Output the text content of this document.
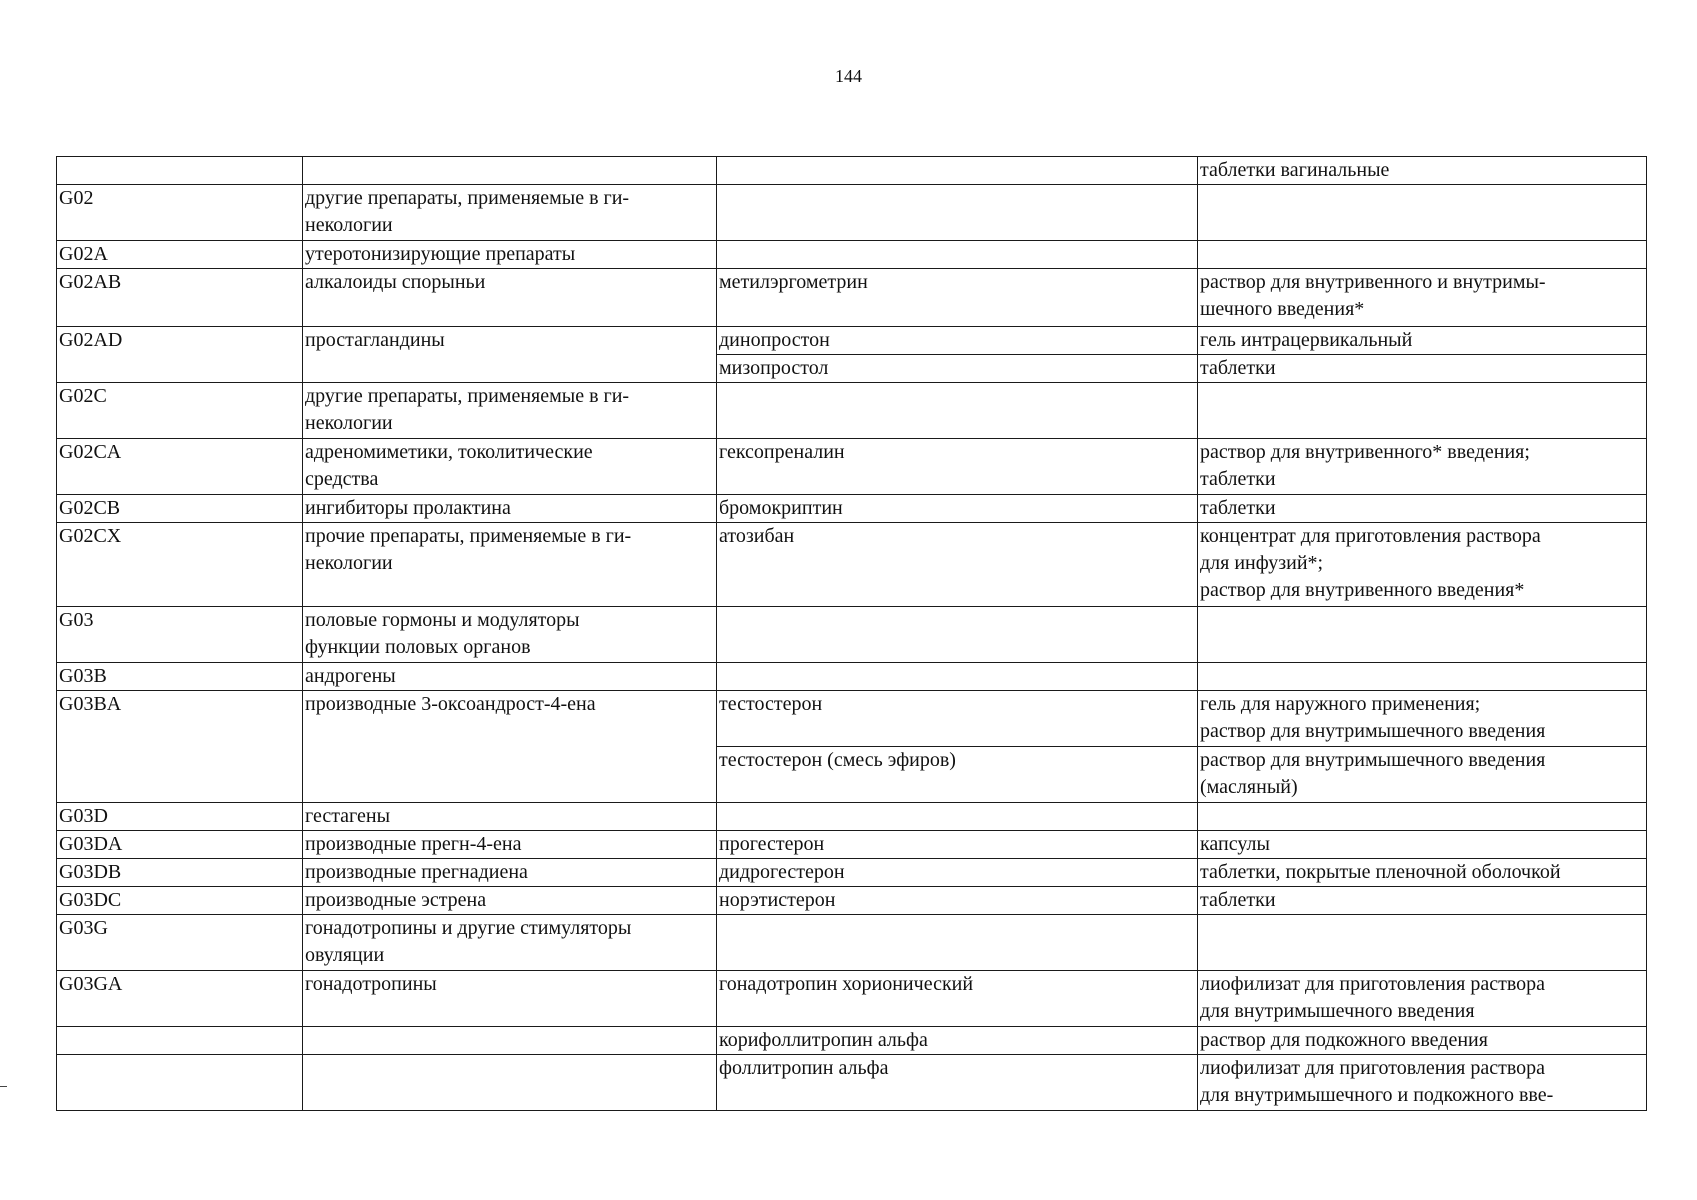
144
			таблетки вагинальные
G02	другие препараты, применяемые в ги-
некологии		
G02A	утеротонизирующие препараты		
G02AB	алкалоиды спорыньи	метилэргометрин	раствор для внутривенного и внутримы-
шечного введения*
G02AD	простагландины	динопростон	гель интрацервикальный
		мизопростол	таблетки
G02C	другие препараты, применяемые в ги-
некологии		
G02CA	адреномиметики, токолитические
средства	гексопреналин	раствор для внутривенного* введения;
таблетки
G02CB	ингибиторы пролактина	бромокриптин	таблетки
G02CX	прочие препараты, применяемые в ги-
некологии	атозибан	концентрат для приготовления раствора
для инфузий*;
раствор для внутривенного введения*
G03	половые гормоны и модуляторы
функции половых органов		
G03B	андрогены		
G03BA	производные 3-оксоандрост-4-ена	тестостерон	гель для наружного применения;
раствор для внутримышечного введения
		тестостерон (смесь эфиров)	раствор для внутримышечного введения
(масляный)
G03D	гестагены		
G03DA	производные прегн-4-ена	прогестерон	капсулы
G03DB	производные прегнадиена	дидрогестерон	таблетки, покрытые пленочной оболочкой
G03DC	производные эстрена	норэтистерон	таблетки
G03G	гонадотропины и другие стимуляторы
овуляции		
G03GA	гонадотропины	гонадотропин хорионический	лиофилизат для приготовления раствора
для внутримышечного введения
		корифоллитропин альфа	раствор для подкожного введения
		фоллитропин альфа	лиофилизат для приготовления раствора
для внутримышечного и подкожного вве-
